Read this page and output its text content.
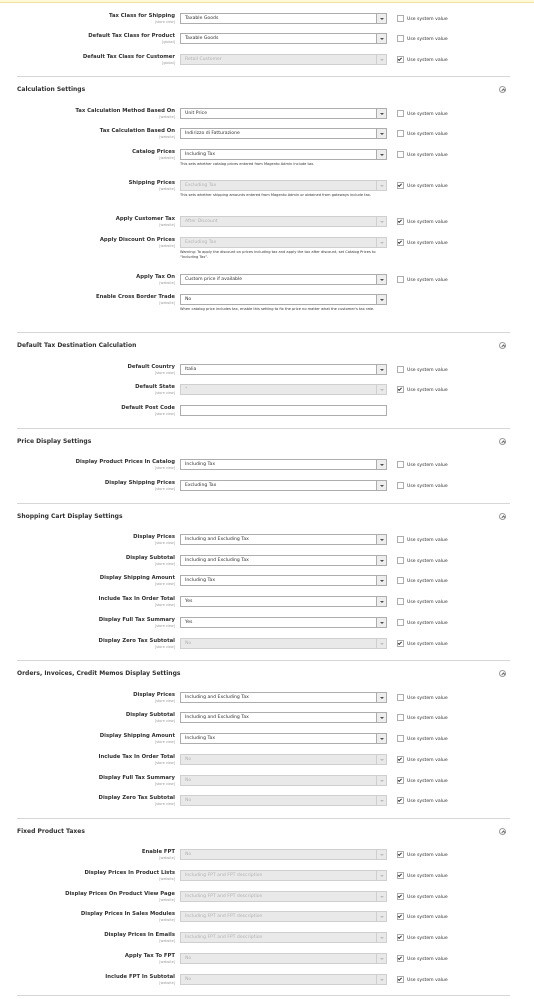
Tax Class for Shipping
[store view]
Taxable Goods	Use system value
Default Tax Class for Product
[global]
Taxable Goods	Use system value
Default Tax Class for Customer
[global]
Retail Customer	Use system value
Calculation Settings
Tax Calculation Method Based On
[website]
Unit Price	Use system value
Tax Calculation Based On
[website]
Indirizzo di Fatturazione	Use system value
Catalog Prices
[website]
Including Tax	Use system value
This sets whether catalog prices entered from Magento Admin include tax.
Shipping Prices
[website]
Excluding Tax	Use system value
This sets whether shipping amounts entered from Magento Admin or obtained from gateways include tax.
Apply Customer Tax
[website]
After Discount	Use system value
Apply Discount On Prices
[website]
Excluding Tax	Use system value
Warning: To apply the discount on prices including tax and apply the tax after discount, set Catalog Prices to “Including Tax”.
Apply Tax On
[website]
Custom price if available	Use system value
Enable Cross Border Trade
[website]
No
When catalog price includes tax, enable this setting to fix the price no matter what the customer's tax rate.
Default Tax Destination Calculation
Default Country
[store view]
Italia	Use system value
Default State
[store view]
*	Use system value
Default Post Code
[store view]
Price Display Settings
Display Product Prices In Catalog
[store view]
Including Tax	Use system value
Display Shipping Prices
[store view]
Excluding Tax	Use system value
Shopping Cart Display Settings
Display Prices
[store view]
Including and Excluding Tax	Use system value
Display Subtotal
[store view]
Including and Excluding Tax	Use system value
Display Shipping Amount
[store view]
Including Tax	Use system value
Include Tax In Order Total
[store view]
Yes	Use system value
Display Full Tax Summary
[store view]
Yes	Use system value
Display Zero Tax Subtotal
[store view]
No	Use system value
Orders, Invoices, Credit Memos Display Settings
Display Prices
[store view]
Including and Excluding Tax	Use system value
Display Subtotal
[store view]
Including and Excluding Tax	Use system value
Display Shipping Amount
[store view]
Including Tax	Use system value
Include Tax In Order Total
[store view]
No	Use system value
Display Full Tax Summary
[store view]
No	Use system value
Display Zero Tax Subtotal
[store view]
No	Use system value
Fixed Product Taxes
Enable FPT
[website]
No	Use system value
Display Prices In Product Lists
[website]
Including FPT and FPT description	Use system value
Display Prices On Product View Page
[website]
Including FPT and FPT description	Use system value
Display Prices In Sales Modules
[website]
Including FPT and FPT description	Use system value
Display Prices In Emails
[website]
Including FPT and FPT description	Use system value
Apply Tax To FPT
[website]
No	Use system value
Include FPT In Subtotal
[website]
No	Use system value
